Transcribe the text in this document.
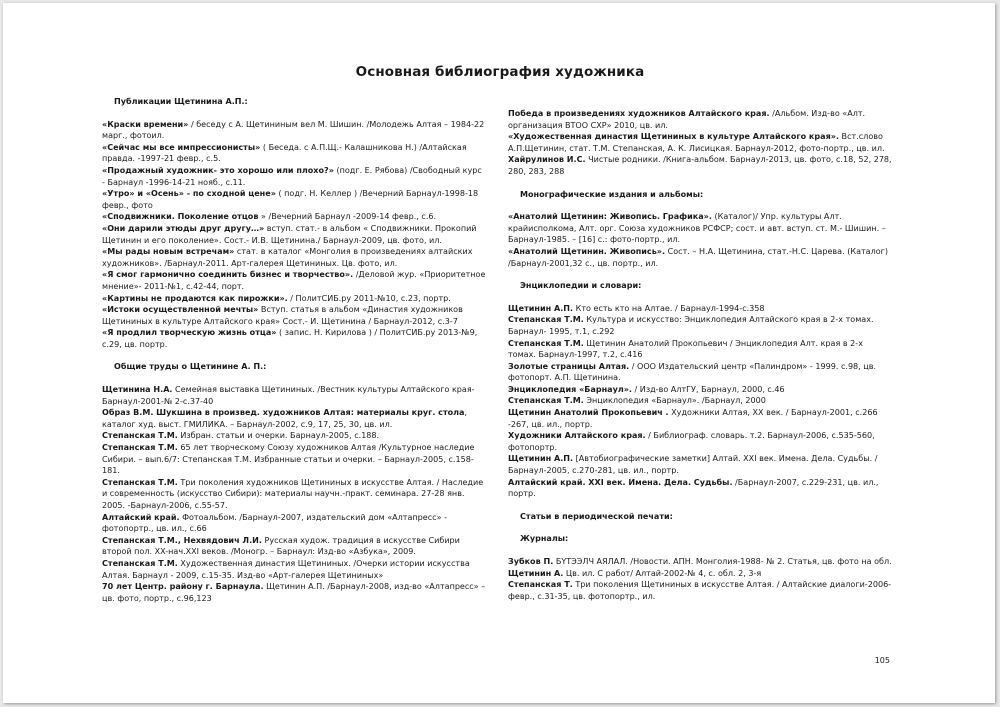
Основная библиография художника
Публикации Щетинина А.П.:

«Краски времени» / беседу с А. Щетининым вел М. Шишин. /Молодежь Алтая – 1984-22 марг., фотоил.

«Сейчас мы все импрессионисты» ( Беседа. с А.П.Щ.- Калашникова Н.) /Алтайская правда. -1997-21 февр., с.5.

«Продажный художник- это хорошо или плохо?» (подг. Е. Рябова) /Свободный курс - Барнаул -1996-14-21 нояб., с.11.

«Утро» и «Осень» - по сходной цене» ( подг. Н. Келлер ) /Вечерний Барнаул-1998-18 февр., фото

«Сподвижники. Поколение отцов » /Вечерний Барнаул -2009-14 февр., с.6.

«Они дарили этюды друг другу…» вступ. стат.- в альбом « Сподвижники. Прокопий Щетинин и его поколение». Сост.- И.В. Щетинина./ Барнаул-2009, цв. фото, ил.

«Мы рады новым встречам» стат. в каталог «Монголия в произведениях алтайских художников». /Барнаул-2011. Арт-галерея Щетининых. Цв. фото, ил.

«Я смог гармонично соединить бизнес и творчество». /Деловой жур. «Приоритетное мнение»- 2011-№1, с.42-44, порт.

«Картины не продаются как пирожки». / ПолитСИБ.ру 2011-№10, с.23, портр.

«Истоки осуществленной мечты» Вступ. статья в альбом «Династия художников Щетининых в культуре Алтайского края» Сост.- И. Щетинина / Барнаул-2012, с.3-7

«Я продлил творческую жизнь отца» ( запис. Н. Кирилова ) / ПолитСИБ.ру 2013-№9, с.29, цв. портр.

Общие труды о Щетинине А. П.:

Щетинина Н.А. Семейная выставка Щетининых. /Вестник культуры Алтайского края- Барнаул-2001-№ 2-с.37-40

Образ В.М. Шукшина в произвед. художников Алтая: материалы круг. стола, каталог худ. выст. ГМИЛИКА. – Барнаул-2002, с.9, 17, 25, 30, цв. ил.

Степанская Т.М. Избран. статьи и очерки. Барнаул-2005, с.188.

Степанская Т.М. 65 лет творческому Союзу художников Алтая /Культурное наследие Сибири. – вып.6/7: Степанская Т.М. Избранные статьи и очерки. – Барнаул-2005, с.158-181.

Степанская Т.М. Три поколения художников Щетининых в искусстве Алтая. / Наследие и современность (искусство Сибири): материалы научн.-практ. семинара. 27-28 янв. 2005. -Барнаул-2006, с.55-57.

Алтайский край. Фотоальбом. /Барнаул-2007, издательский дом «Алтапресс» - фотопортр., цв. ил., с.66

Степанская Т.М., Нехвядович Л.И. Русская худож. традиция в искусстве Сибири второй пол. XX-нач.XXI веков. /Моногр. – Барнаул: Изд-во «Азбука», 2009.

Степанская Т.М. Художественная династия Щетининых. /Очерки истории искусства Алтая. Барнаул - 2009, с.15-35. Изд-во «Арт-галерея Щетининых»

70 лет Центр. району г. Барнаула. Щетинин А.П. /Барнаул-2008, изд-во «Алтапресс» – цв. фото, портр., с.96,123

Победа в произведениях художников Алтайского края. /Альбом. Изд-во «Алт. организация ВТОО СХР» 2010, цв. ил.

«Художественная династия Щетининых в культуре Алтайского края». Вст.слово А.П.Щетинин, стат. Т.М. Степанская, А. К. Лисицкая. Барнаул-2012, фото-портр., цв. ил.

Хайрулинов И.С. Чистые родники. /Книга-альбом. Барнаул-2013, цв. фото, с.18, 52, 278, 280, 283, 288

Монографические издания и альбомы:

«Анатолий Щетинин: Живопись. Графика». (Каталог)/ Упр. культуры Алт. крайисполкома, Алт. орг. Союза художников РСФСР; сост. и авт. вступ. ст. М.- Шишин. – Барнаул-1985. – [16] с.: фото-портр., ил.

«Анатолий Щетинин. Живопись». Сост. – Н.А. Щетинина, стат.-Н.С. Царева. (Каталог) /Барнаул-2001,32 с., цв. портр., ил.

Энциклопедии и словари:

Щетинин А.П. Кто есть кто на Алтае. / Барнаул-1994-с.358

Степанская Т.М. Культура и искусство: Энциклопедия Алтайского края в 2-х томах. Барнаул- 1995, т.1, с.292

Степанская Т.М. Щетинин Анатолий Прокопьевич / Энциклопедия Алт. края в 2-х томах. Барнаул-1997, т.2, с.416

Золотые страницы Алтая. / ООО Издательский центр «Палиндром» - 1999. с.98, цв. фотопорт. А.П. Щетинина.

Энциклопедия «Барнаул». / Изд-во АлтГУ, Барнаул, 2000, с.46

Степанская Т.М. Энциклопедия «Барнаул». /Барнаул, 2000

Щетинин Анатолий Прокопьевич . Художники Алтая, XX век. / Барнаул-2001, с.266 -267, цв. ил., портр.

Художники Алтайского края. / Библиограф. словарь. т.2. Барнаул-2006, с.535-560, фотопортр.

Щетинин А.П. [Автобиографические заметки] Алтай. XXI век. Имена. Дела. Судьбы. / Барнаул-2005, с.270-281, цв. ил., портр.

Алтайский край. XXI век. Имена. Дела. Судьбы. /Барнаул-2007, с.229-231, цв. ил., портр.

Статьи в периодической печати:
Журналы:

Зубков П. БҮТЭЭЛЧ АЯЛАЛ. /Новости. АПН. Монголия-1988- № 2. Статья, цв. фото на обл.

Щетинин А. Цв. ил. С работ/ Алтай-2002-№ 4, с. обл. 2, 3-я

Степанская Т. Три поколения Щетининых в искусстве Алтая. / Алтайские диалоги-2006-февр., с.31-35, цв. фотопортр., ил.

105
